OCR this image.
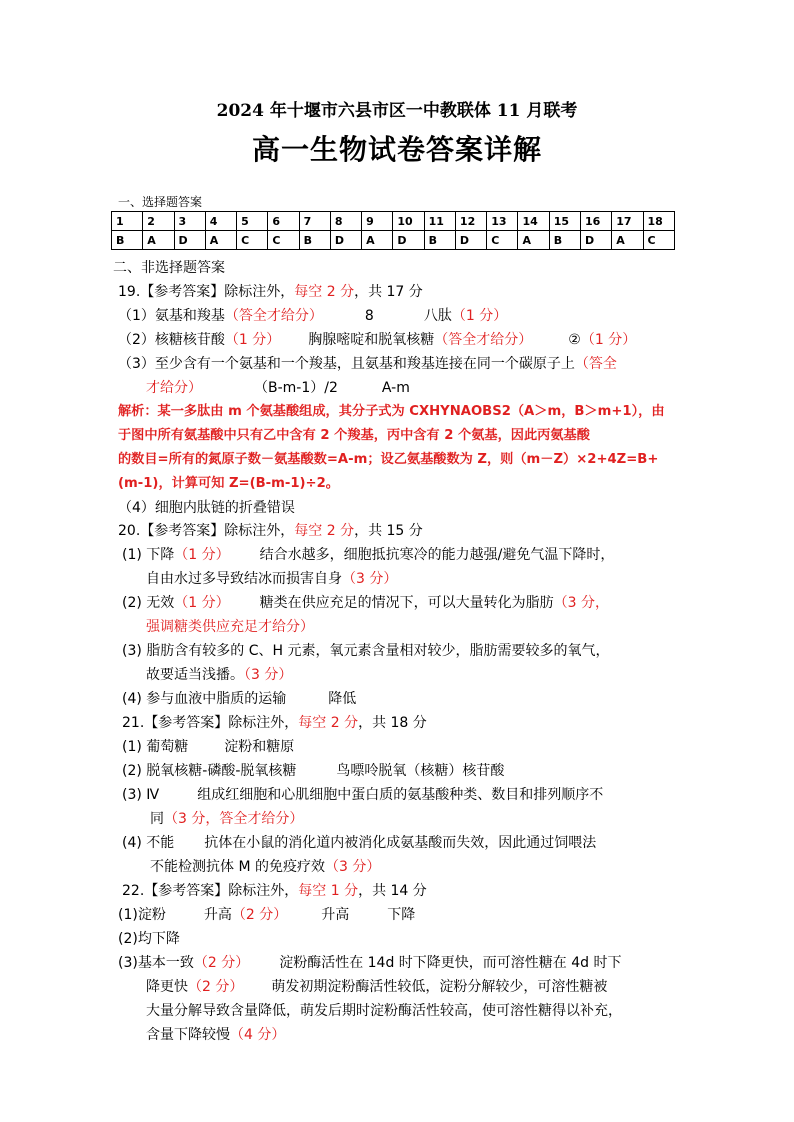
2024 年十堰市六县市区一中教联体 11 月联考
高一生物试卷答案详解
一、选择题答案
1	2	3	4	5	6	7	8	9	10	11	12	13	14	15	16	17	18
B	A	D	A	C	C	B	D	A	D	B	D	C	A	B	D	A	C
二、非选择题答案
19.【参考答案】除标注外，每空 2 分，共 17 分
（1）氨基和羧基（答全才给分）	8	八肽（1 分）
（2）核糖核苷酸（1 分） 胸腺嘧啶和脱氧核糖（答全才给分）	②（1 分）
（3）至少含有一个氨基和一个羧基，且氨基和羧基连接在同一个碳原子上（答全
才给分）	（B-m-1）/2	A-m
解析：某一多肽由 m 个氨基酸组成，其分子式为 CXHYNAOBS2（A＞m，B＞m+1），由
于图中所有氨基酸中只有乙中含有 2 个羧基，丙中含有 2 个氨基，因此丙氨基酸
的数目=所有的氮原子数－氨基酸数=A-m；设乙氨基酸数为 Z，则（m－Z）×2+4Z=B+
(m-1)，计算可知 Z=(B-m-1)÷2。
（4）细胞内肽链的折叠错误
20.【参考答案】除标注外，每空 2 分，共 15 分
(1) 下降（1 分） 结合水越多，细胞抵抗寒冷的能力越强/避免气温下降时，
自由水过多导致结冰而损害自身（3 分）
(2) 无效（1 分） 糖类在供应充足的情况下，可以大量转化为脂肪（3 分，
强调糖类供应充足才给分）
(3) 脂肪含有较多的 C、H 元素，氧元素含量相对较少，脂肪需要较多的氧气，
故要适当浅播。（3 分）
(4) 参与血液中脂质的运输	降低
21.【参考答案】除标注外，每空 2 分，共 18 分
(1) 葡萄糖	淀粉和糖原
(2) 脱氧核糖-磷酸-脱氧核糖	鸟嘌呤脱氧（核糖）核苷酸
(3) Ⅳ	组成红细胞和心肌细胞中蛋白质的氨基酸种类、数目和排列顺序不
同（3 分，答全才给分）
(4) 不能 抗体在小鼠的消化道内被消化成氨基酸而失效，因此通过饲喂法
不能检测抗体 M 的免疫疗效（3 分）
22.【参考答案】除标注外，每空 1 分，共 14 分
(1)淀粉	升高（2 分） 升高	下降
(2)均下降
(3)基本一致（2 分） 淀粉酶活性在 14d 时下降更快，而可溶性糖在 4d 时下
降更快（2 分） 萌发初期淀粉酶活性较低，淀粉分解较少，可溶性糖被
大量分解导致含量降低，萌发后期时淀粉酶活性较高，使可溶性糖得以补充，
含量下降较慢（4 分）
